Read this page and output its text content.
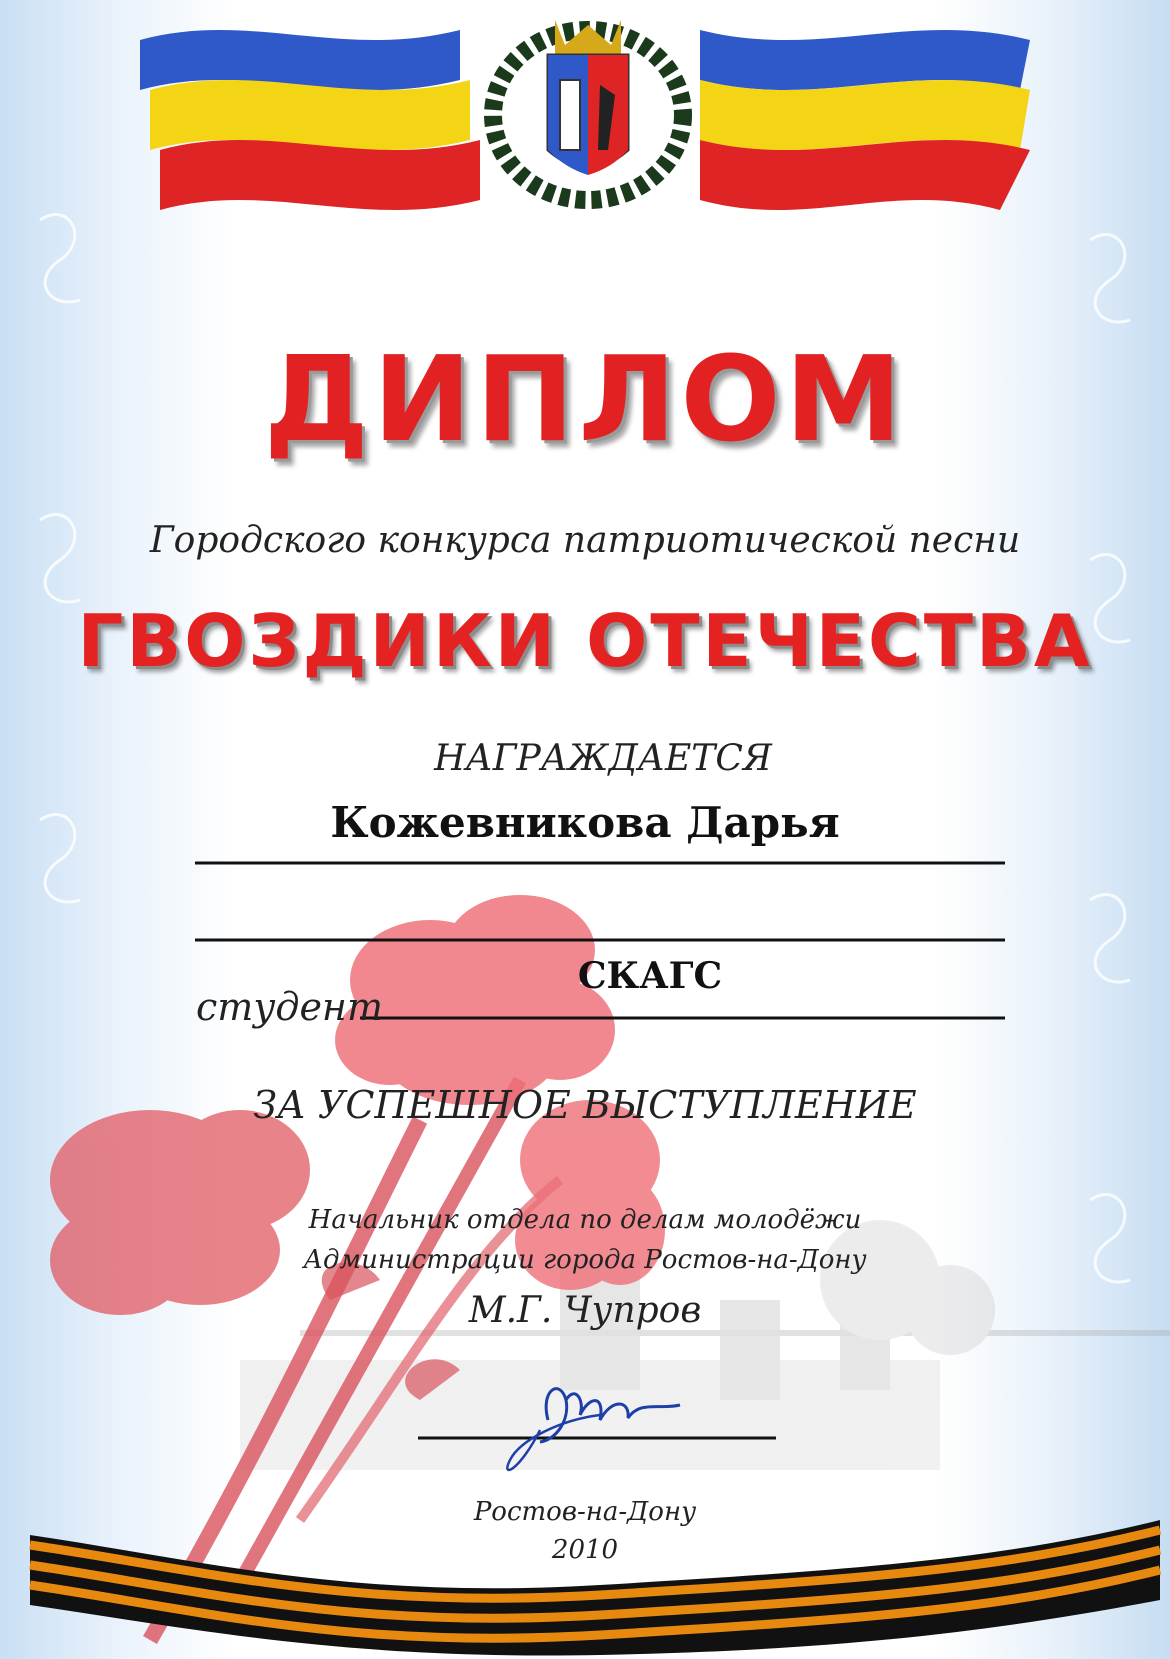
ДИПЛОМ
Городского конкурса патриотической песни
ГВОЗДИКИ ОТЕЧЕСТВА
НАГРАЖДАЕТСЯ
Кожевникова Дарья
СКАГС

студент

ЗА УСПЕШНОЕ ВЫСТУПЛЕНИЕ
Начальник отдела по делам молодёжи
Администрации города Ростов-на-Дону
М.Г. Чупров
Ростов-на-Дону
2010
